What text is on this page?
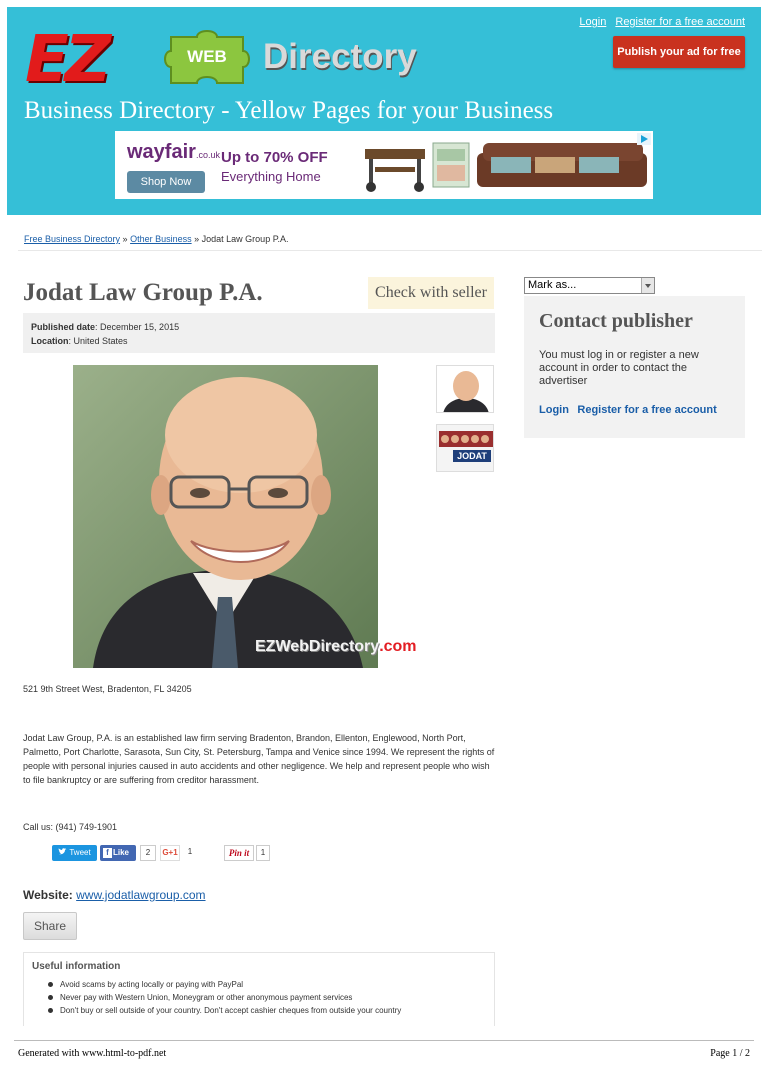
EZ	WEB	Directory
Login Register for a free account
Publish your ad for free
Business Directory - Yellow Pages for your Business
wayfair.co.uk
Shop Now
Up to 70% OFF
Everything Home
Free Business Directory » Other Business » Jodat Law Group P.A.
Jodat Law Group P.A.	Check with seller
Published date: December 15, 2015
Location: United States
EZWebDirectory.com
JODAT
521 9th Street West, Bradenton, FL 34205

Jodat Law Group, P.A. is an established law firm serving Bradenton, Brandon, Ellenton, Englewood, North Port, Palmetto, Port Charlotte, Sarasota, Sun City, St. Petersburg, Tampa and Venice since 1994. We represent the rights of people with personal injuries caused in auto accidents and other negligence. We help and represent people who wish to file bankruptcy or are suffering from creditor harassment.

Call us: (941) 749-1901
Tweet	f Like	2	G+1	1	Pin it	1
Website: www.jodatlawgroup.com
Share
Useful information
Avoid scams by acting locally or paying with PayPal
Never pay with Western Union, Moneygram or other anonymous payment services
Don't buy or sell outside of your country. Don't accept cashier cheques from outside your country
Mark as...
Contact publisher
You must log in or register a new account in order to contact the advertiser
Login Register for a free account
Generated with www.html-to-pdf.net	Page 1 / 2
